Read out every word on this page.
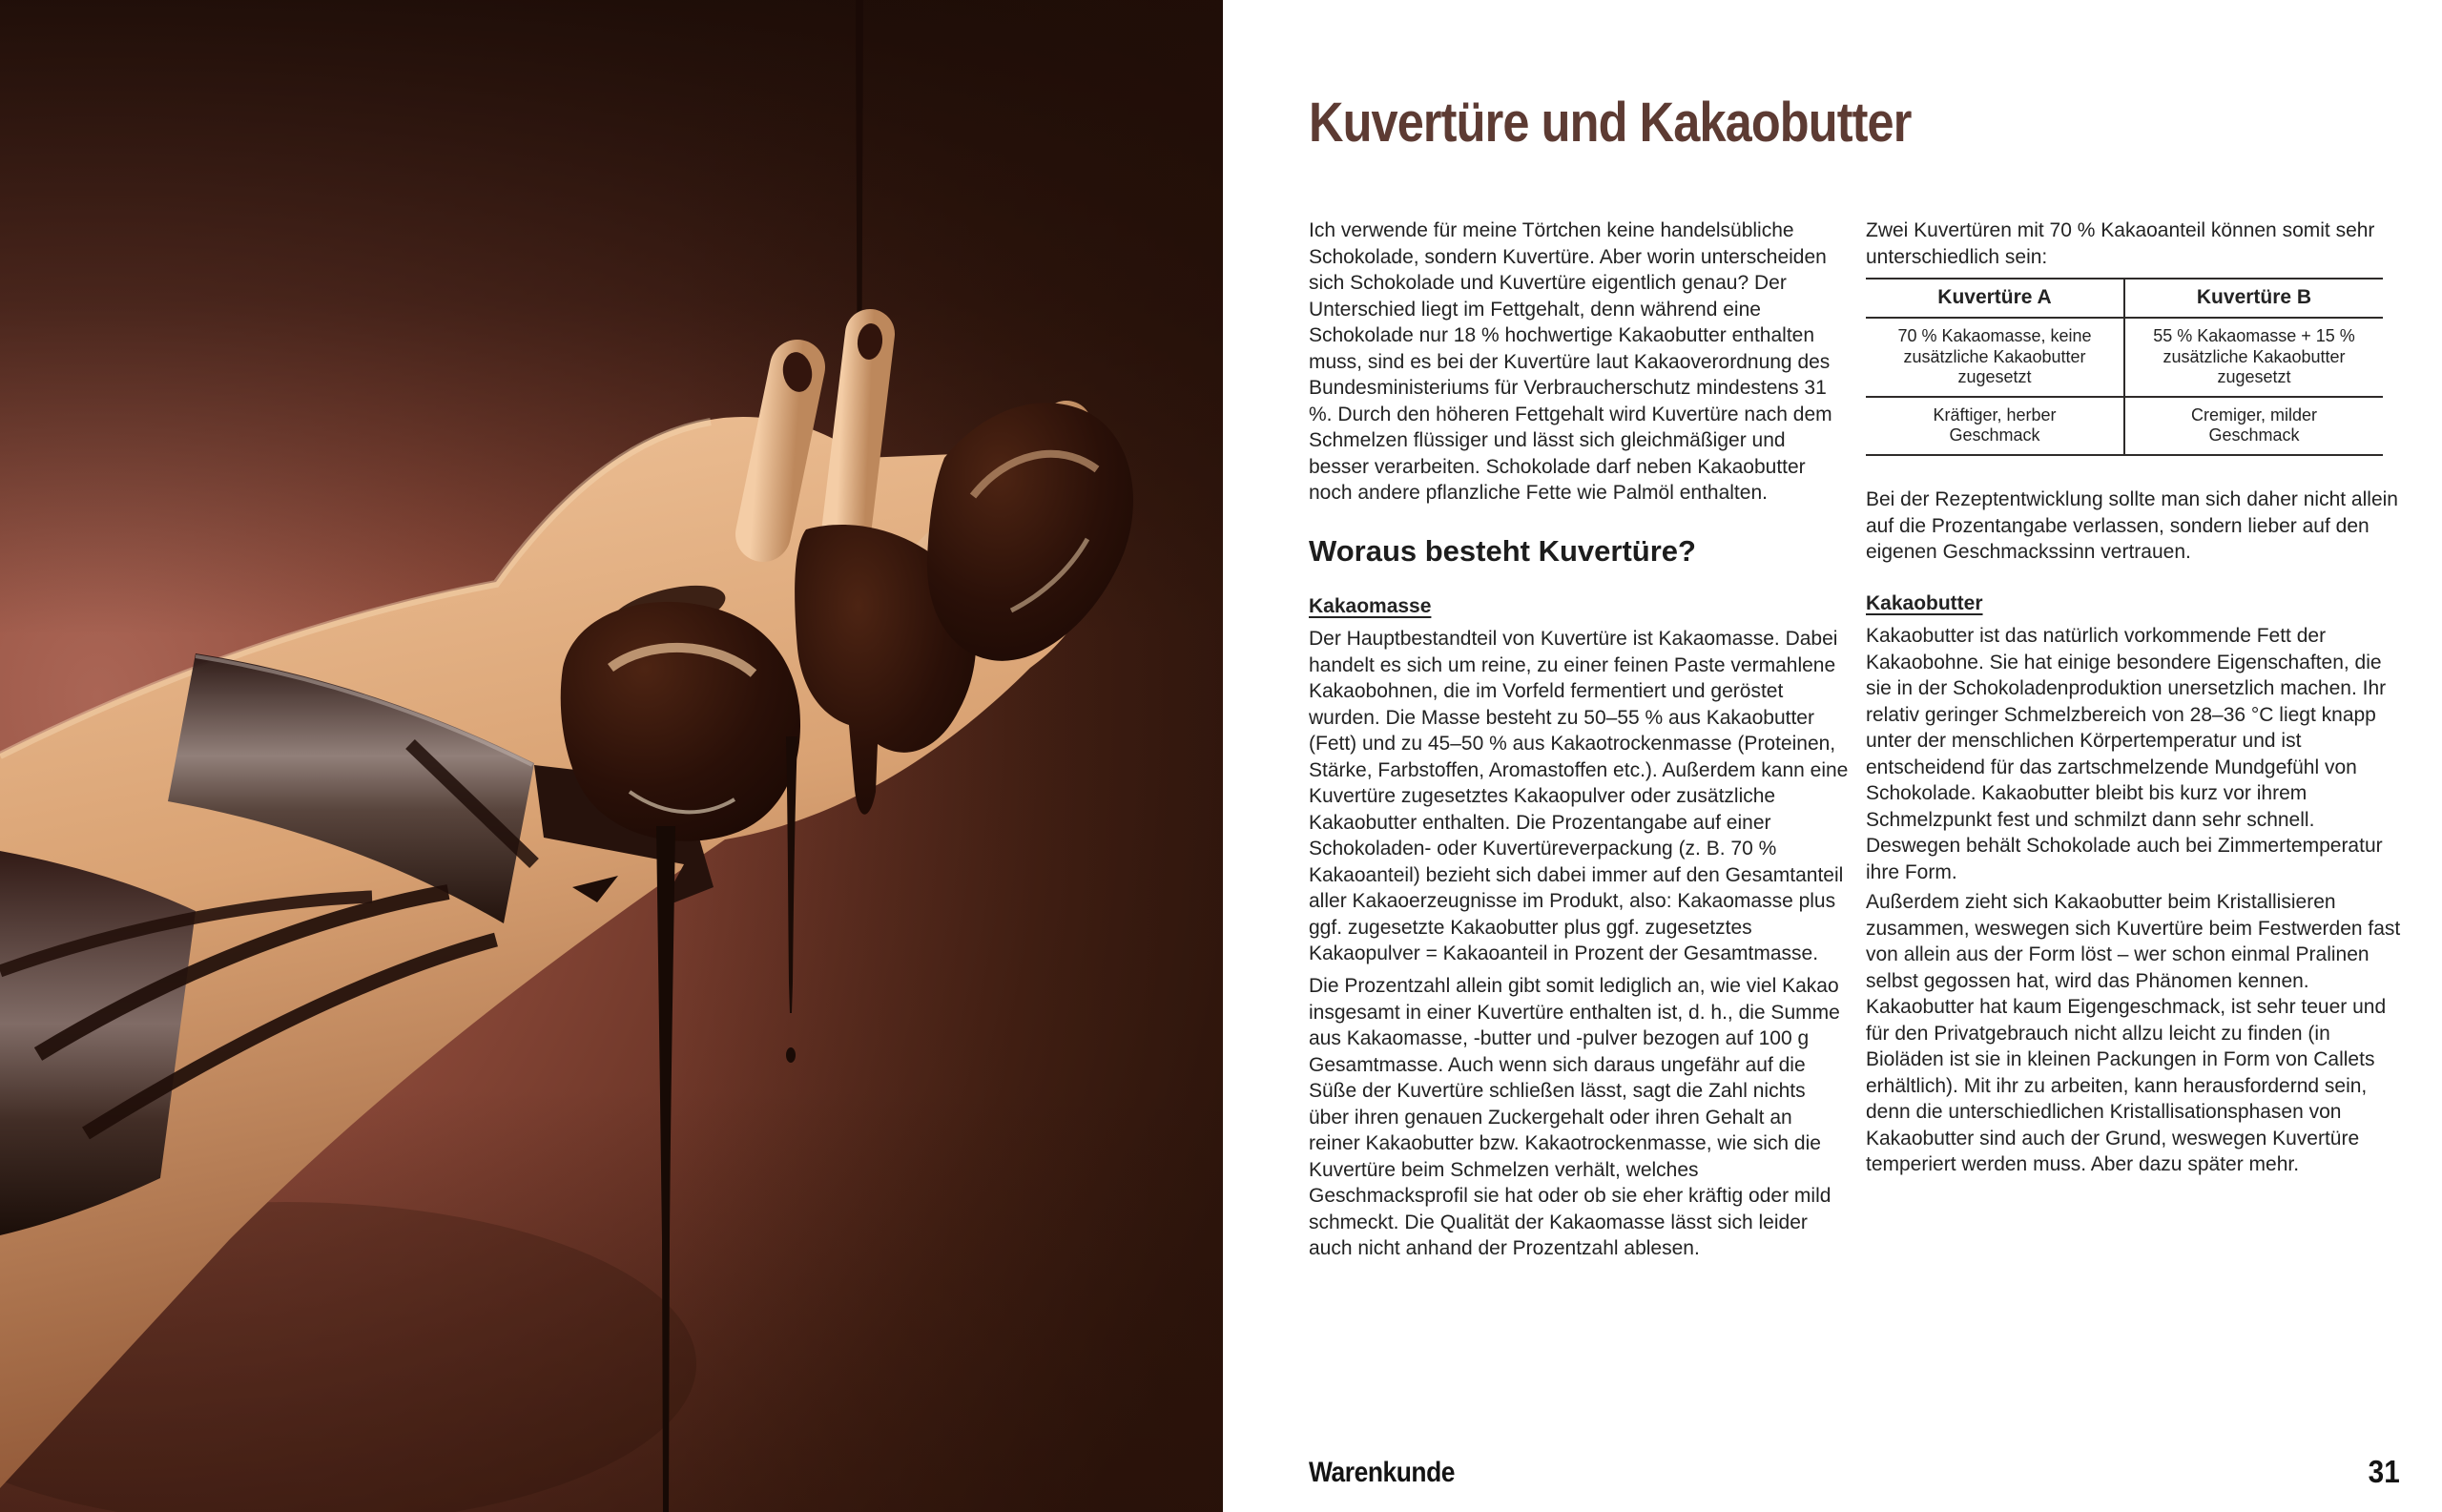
Kuvertüre und Kakaobutter

Ich verwende für meine Törtchen keine handelsübliche Schokolade, sondern Kuvertüre. Aber worin unterscheiden sich Schokolade und Kuvertüre eigentlich genau? Der Unterschied liegt im Fettgehalt, denn während eine Schokolade nur 18 % hochwertige Kakaobutter enthalten muss, sind es bei der Kuvertüre laut Kakaoverordnung des Bundesministeriums für Verbraucherschutz mindestens 31 %. Durch den höheren Fettgehalt wird Kuvertüre nach dem Schmelzen flüssiger und lässt sich gleichmäßiger und besser verarbeiten. Schokolade darf neben Kakaobutter noch andere pflanzliche Fette wie Palmöl enthalten.

Woraus besteht Kuvertüre?
Kakaomasse

Der Hauptbestandteil von Kuvertüre ist Kakaomasse. Dabei handelt es sich um reine, zu einer feinen Paste vermahlene Kakaobohnen, die im Vorfeld fermentiert und geröstet wurden. Die Masse besteht zu 50–55 % aus Kakaobutter (Fett) und zu 45–50 % aus Kakaotrockenmasse (Proteinen, Stärke, Farbstoffen, Aromastoffen etc.). Außerdem kann eine Kuvertüre zugesetztes Kakaopulver oder zusätzliche Kakaobutter enthalten. Die Prozentangabe auf einer Schokoladen- oder Kuvertüreverpackung (z. B. 70 % Kakaoanteil) bezieht sich dabei immer auf den Gesamtanteil aller Kakaoerzeugnisse im Produkt, also: Kakaomasse plus ggf. zugesetzte Kakaobutter plus ggf. zugesetztes Kakaopulver = Kakaoanteil in Prozent der Gesamtmasse.

Die Prozentzahl allein gibt somit lediglich an, wie viel Kakao insgesamt in einer Kuvertüre enthalten ist, d. h., die Summe aus Kakaomasse, -butter und -pulver bezogen auf 100 g Gesamtmasse. Auch wenn sich daraus ungefähr auf die Süße der Kuvertüre schließen lässt, sagt die Zahl nichts über ihren genauen Zuckergehalt oder ihren Gehalt an reiner Kakaobutter bzw. Kakaotrockenmasse, wie sich die Kuvertüre beim Schmelzen verhält, welches Geschmacksprofil sie hat oder ob sie eher kräftig oder mild schmeckt. Die Qualität der Kakaomasse lässt sich leider auch nicht anhand der Prozentzahl ablesen.

Zwei Kuvertüren mit 70 % Kakaoanteil können somit sehr unterschiedlich sein:

Kuvertüre A	Kuvertüre B
70 % Kakaomasse, keine zusätzliche Kakaobutter zugesetzt	55 % Kakaomasse + 15 % zusätzliche Kakaobutter zugesetzt
Kräftiger, herber Geschmack	Cremiger, milder Geschmack

Bei der Rezeptentwicklung sollte man sich daher nicht allein auf die Prozentangabe verlassen, sondern lieber auf den eigenen Geschmackssinn vertrauen.

Kakaobutter

Kakaobutter ist das natürlich vorkommende Fett der Kakaobohne. Sie hat einige besondere Eigenschaften, die sie in der Schokoladenproduktion unersetzlich machen. Ihr relativ geringer Schmelzbereich von 28–36 °C liegt knapp unter der menschlichen Körpertemperatur und ist entscheidend für das zartschmelzende Mundgefühl von Schokolade. Kakaobutter bleibt bis kurz vor ihrem Schmelzpunkt fest und schmilzt dann sehr schnell. Deswegen behält Schokolade auch bei Zimmertemperatur ihre Form.

Außerdem zieht sich Kakaobutter beim Kristallisieren zusammen, weswegen sich Kuvertüre beim Festwerden fast von allein aus der Form löst – wer schon einmal Pralinen selbst gegossen hat, wird das Phänomen kennen. Kakaobutter hat kaum Eigengeschmack, ist sehr teuer und für den Privatgebrauch nicht allzu leicht zu finden (in Bioläden ist sie in kleinen Packungen in Form von Callets erhältlich). Mit ihr zu arbeiten, kann herausfordernd sein, denn die unterschiedlichen Kristallisationsphasen von Kakaobutter sind auch der Grund, weswegen Kuvertüre temperiert werden muss. Aber dazu später mehr.

Warenkunde	31
